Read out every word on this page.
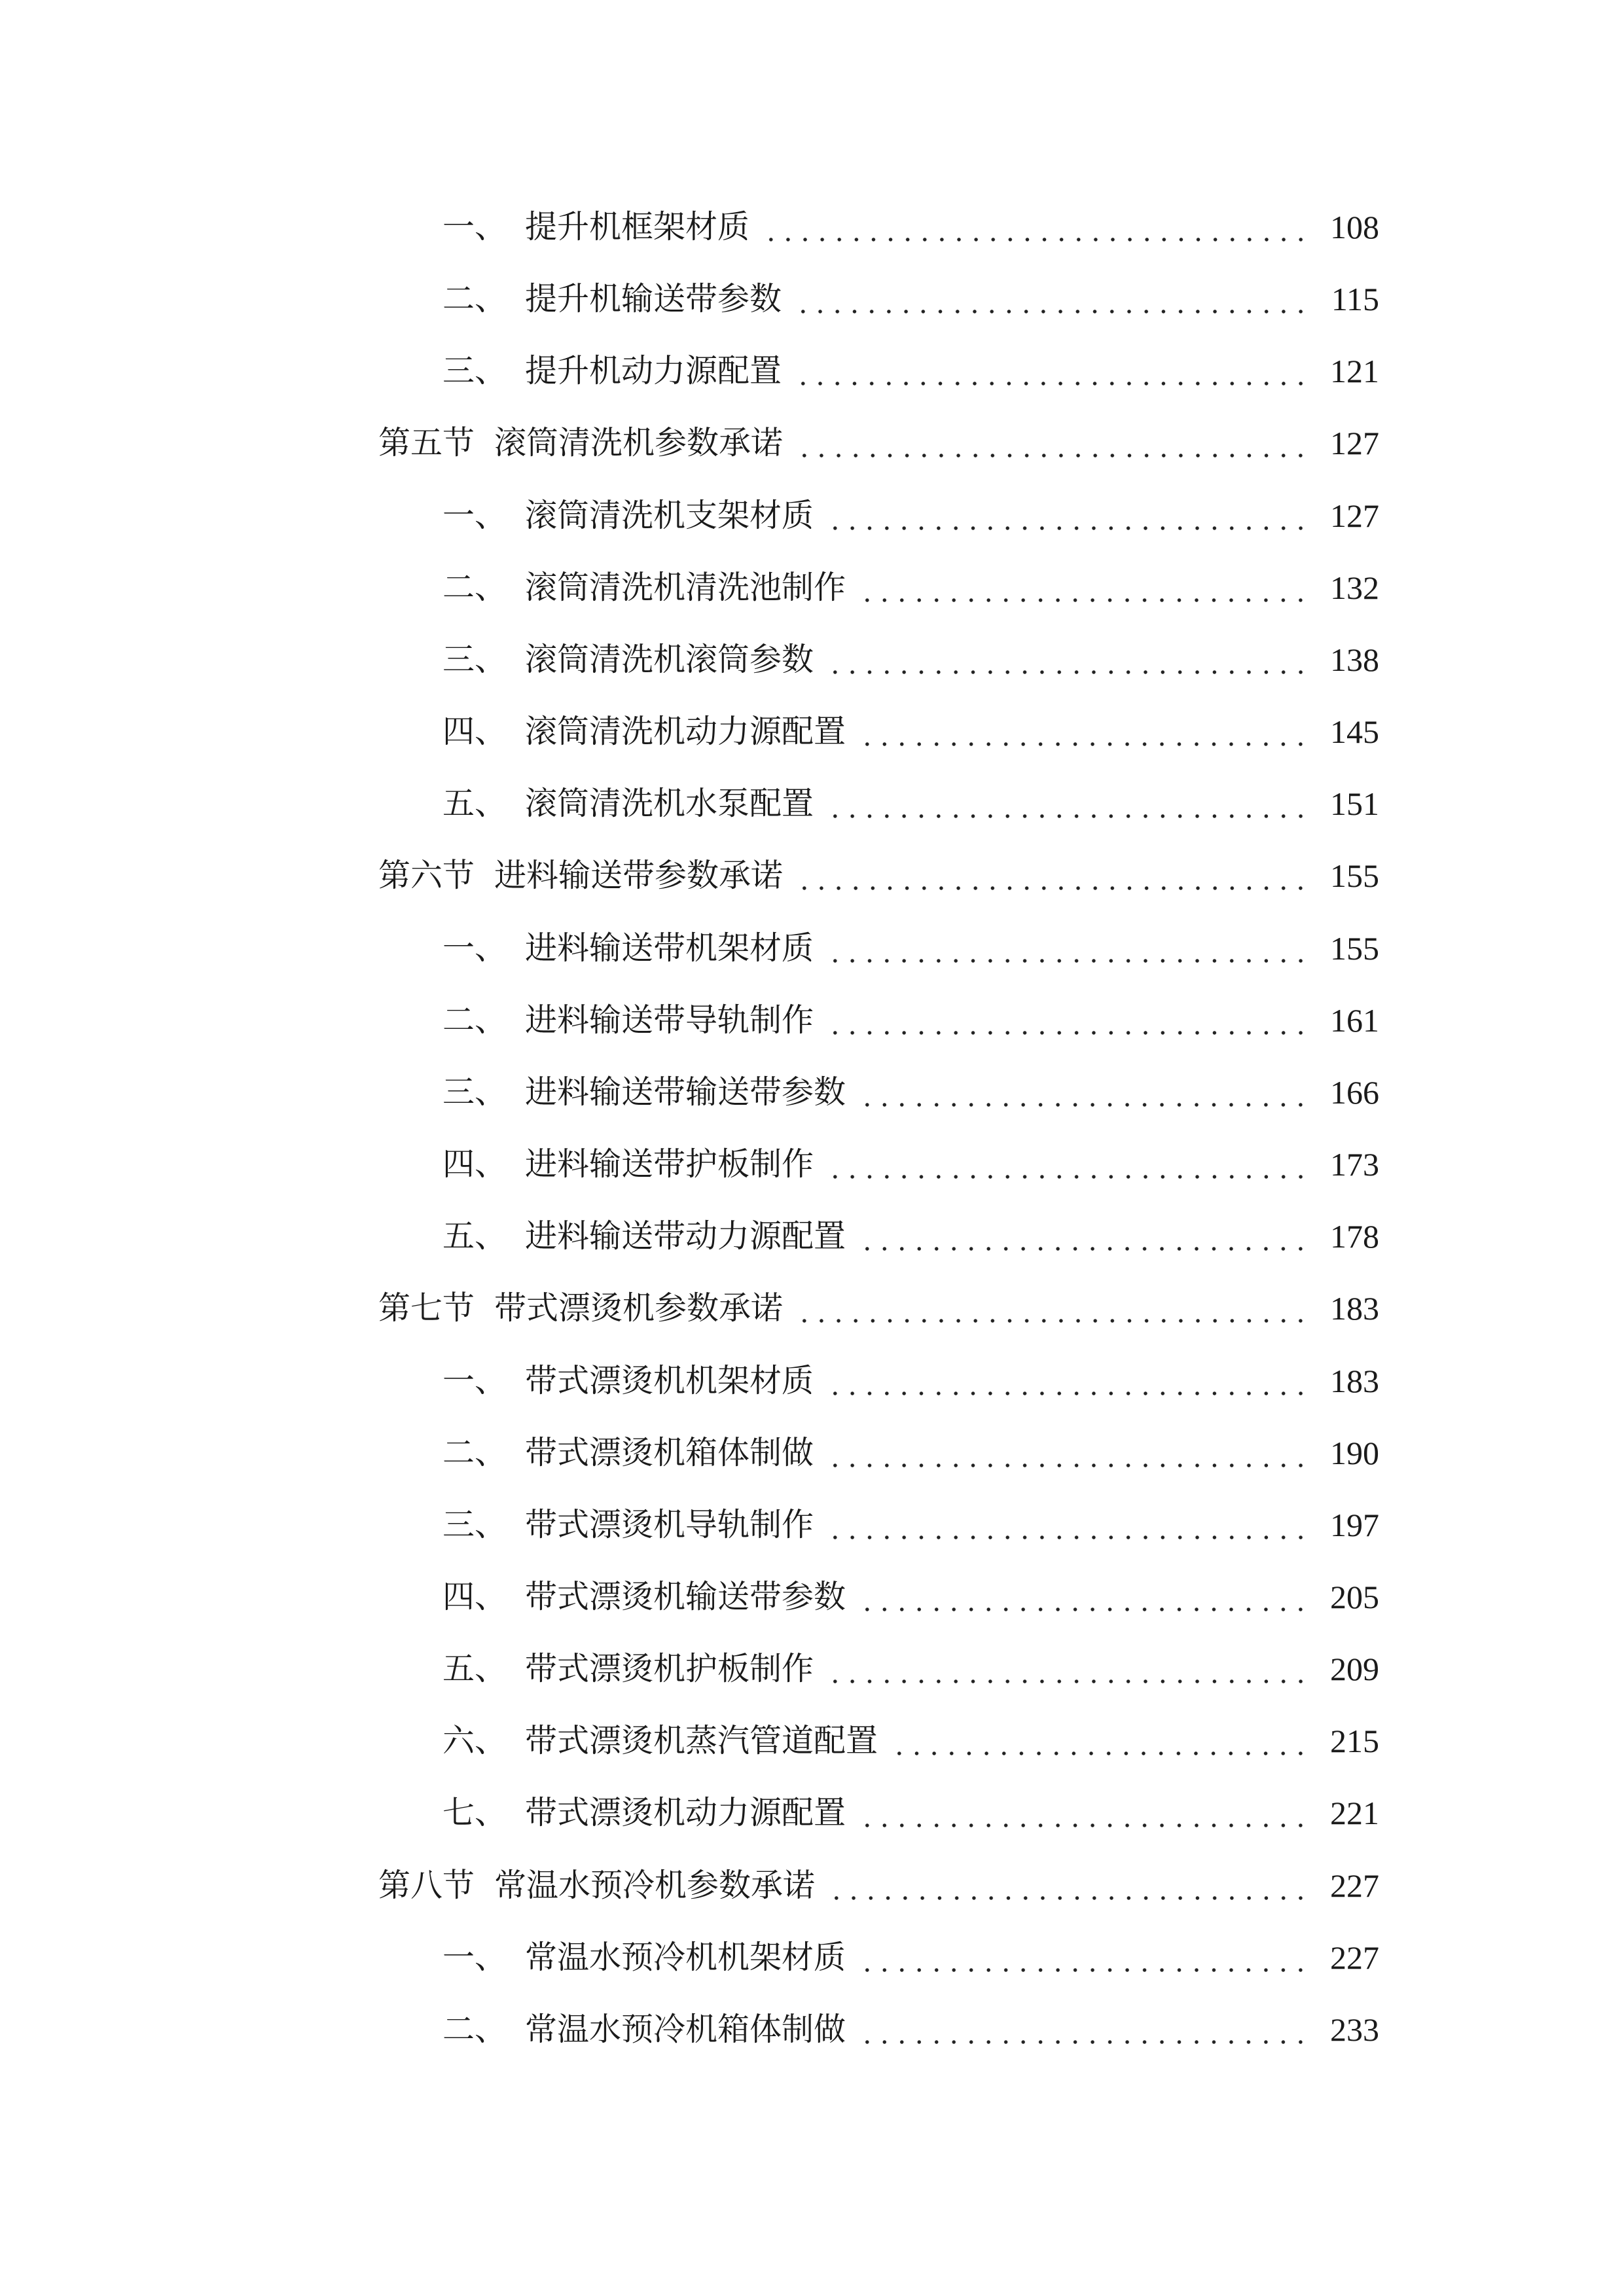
一、 提升机框架材质	108
二、 提升机输送带参数	115
三、 提升机动力源配置	121
第五节 滚筒清洗机参数承诺	127
一、 滚筒清洗机支架材质	127
二、 滚筒清洗机清洗池制作	132
三、 滚筒清洗机滚筒参数	138
四、 滚筒清洗机动力源配置	145
五、 滚筒清洗机水泵配置	151
第六节 进料输送带参数承诺	155
一、 进料输送带机架材质	155
二、 进料输送带导轨制作	161
三、 进料输送带输送带参数	166
四、 进料输送带护板制作	173
五、 进料输送带动力源配置	178
第七节 带式漂烫机参数承诺	183
一、 带式漂烫机机架材质	183
二、 带式漂烫机箱体制做	190
三、 带式漂烫机导轨制作	197
四、 带式漂烫机输送带参数	205
五、 带式漂烫机护板制作	209
六、 带式漂烫机蒸汽管道配置	215
七、 带式漂烫机动力源配置	221
第八节 常温水预冷机参数承诺	227
一、 常温水预冷机机架材质	227
二、 常温水预冷机箱体制做	233
